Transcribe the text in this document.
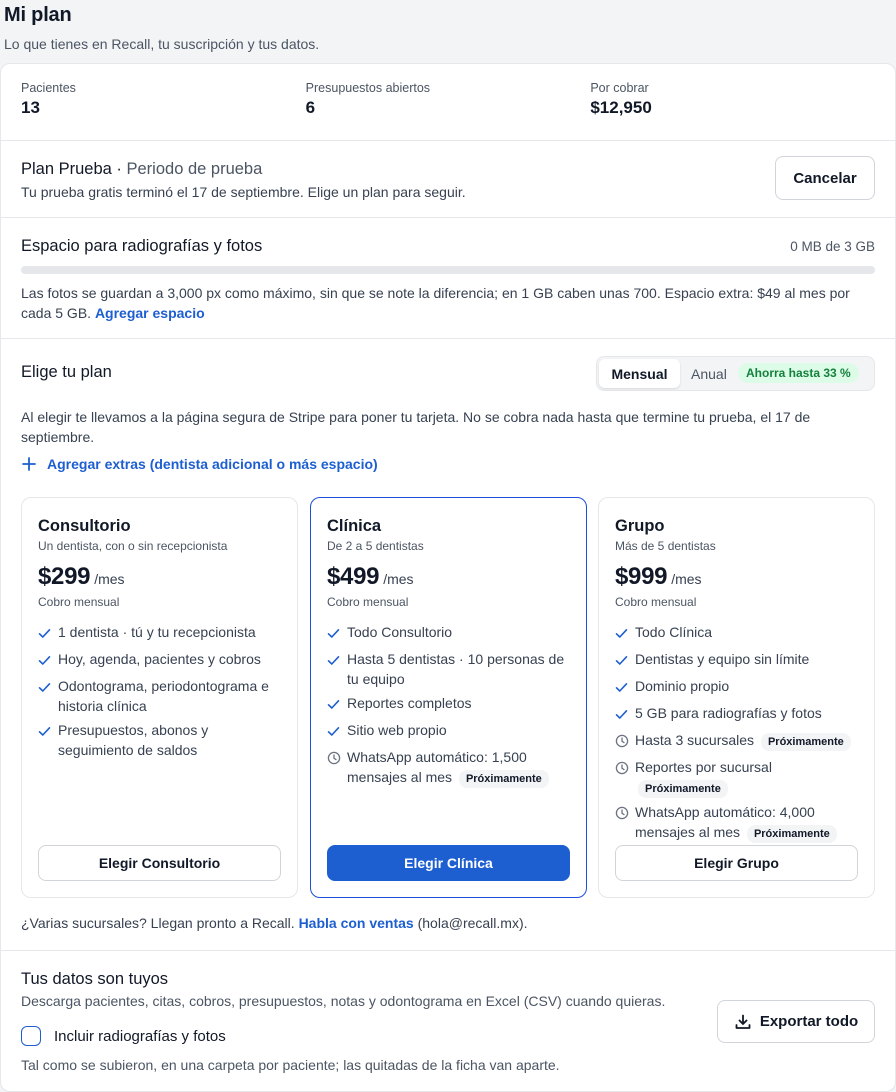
Mi plan
Lo que tienes en Recall, tu suscripción y tus datos.
Pacientes
13
Presupuestos abiertos
6
Por cobrar
$12,950
Plan Prueba · Periodo de prueba
Tu prueba gratis terminó el 17 de septiembre. Elige un plan para seguir.
Cancelar
Espacio para radiografías y fotos	0 MB de 3 GB
Las fotos se guardan a 3,000 px como máximo, sin que se note la diferencia; en 1 GB caben unas 700. Espacio extra: $49 al mes por cada 5 GB. Agregar espacio
Elige tu plan	Mensual	Anual	Ahorra hasta 33 %
Al elegir te llevamos a la página segura de Stripe para poner tu tarjeta. No se cobra nada hasta que termine tu prueba, el 17 de septiembre.
Agregar extras (dentista adicional o más espacio)
Consultorio
Un dentista, con o sin recepcionista
$299 /mes
Cobro mensual
1 dentista · tú y tu recepcionista
Hoy, agenda, pacientes y cobros
Odontograma, periodontograma e historia clínica
Presupuestos, abonos y seguimiento de saldos
Elegir Consultorio
Clínica
De 2 a 5 dentistas
$499 /mes
Cobro mensual
Todo Consultorio
Hasta 5 dentistas · 10 personas de tu equipo
Reportes completos
Sitio web propio
WhatsApp automático: 1,500 mensajes al mes Próximamente
Elegir Clínica
Grupo
Más de 5 dentistas
$999 /mes
Cobro mensual
Todo Clínica
Dentistas y equipo sin límite
Dominio propio
5 GB para radiografías y fotos
Hasta 3 sucursales Próximamente
Reportes por sucursal Próximamente
WhatsApp automático: 4,000 mensajes al mes Próximamente
Elegir Grupo
¿Varias sucursales? Llegan pronto a Recall. Habla con ventas (hola@recall.mx).
Tus datos son tuyos
Descarga pacientes, citas, cobros, presupuestos, notas y odontograma en Excel (CSV) cuando quieras.
Incluir radiografías y fotos
Tal como se subieron, en una carpeta por paciente; las quitadas de la ficha van aparte.
Exportar todo
